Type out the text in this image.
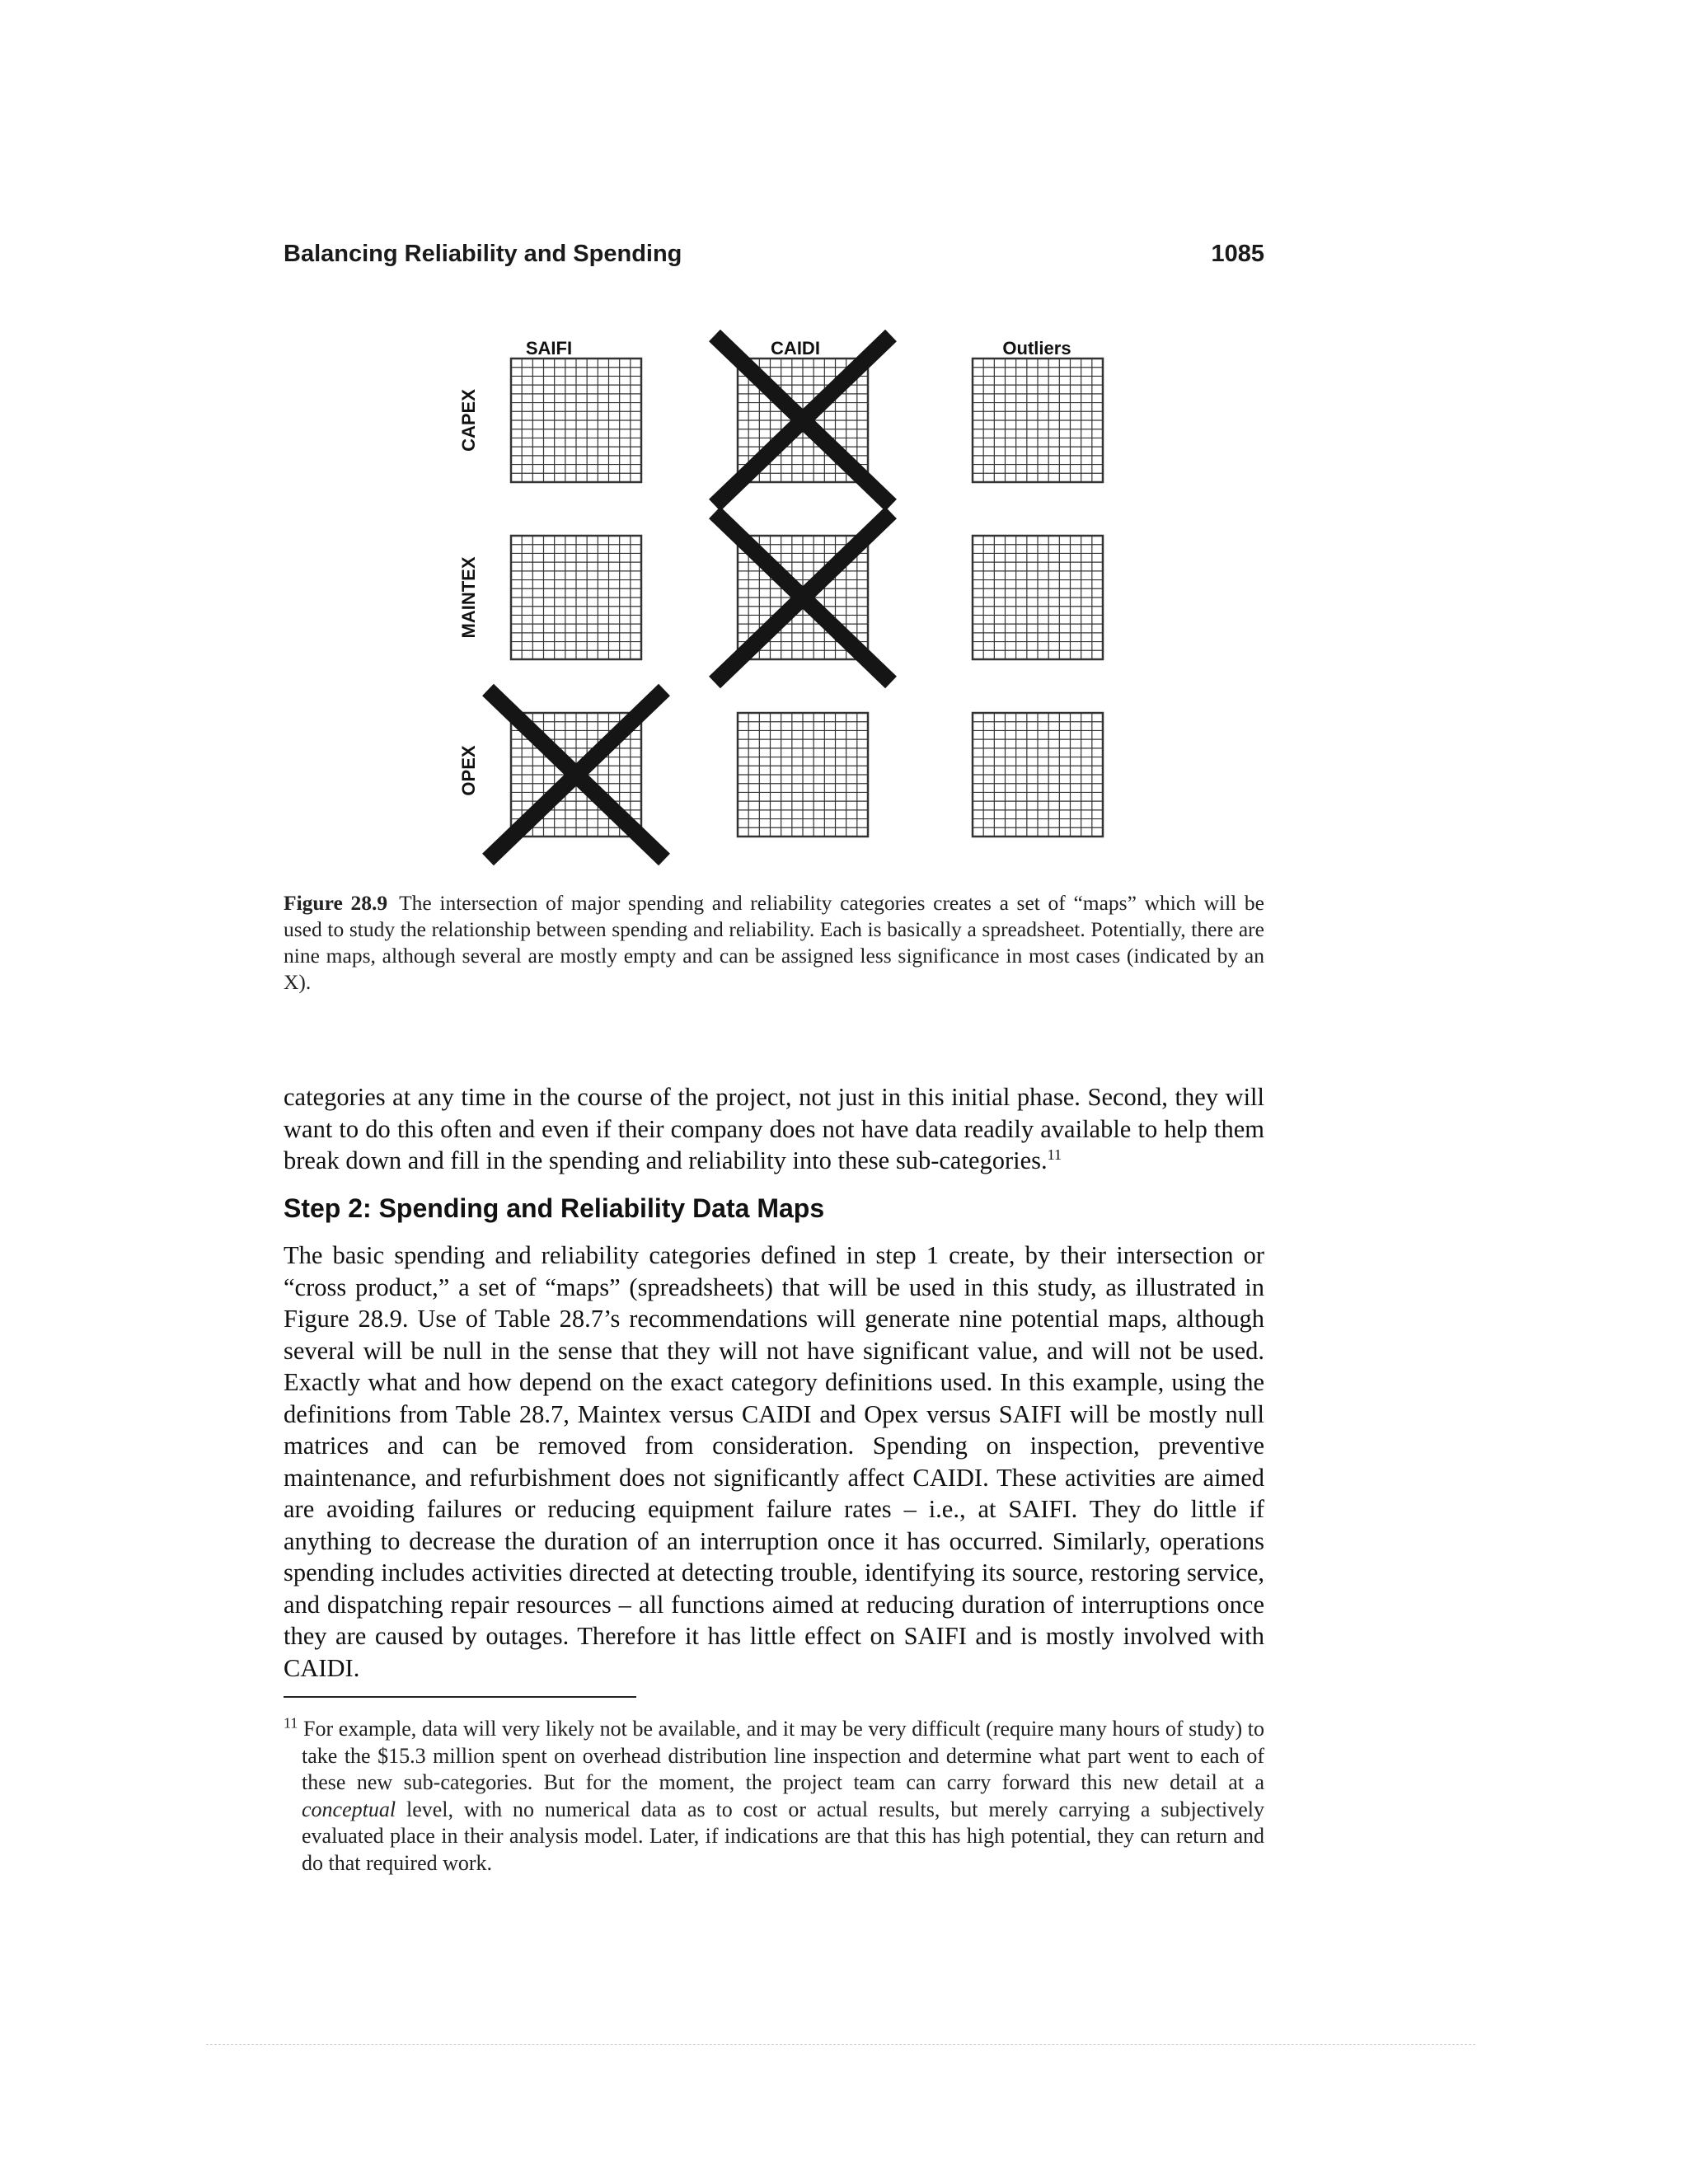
Balancing Reliability and Spending	1085
SAIFI	CAIDI	Outliers
CAPEX
MAINTEX
OPEX
Figure 28.9 The intersection of major spending and reliability categories creates a set of “maps” which will be used to study the relationship between spending and reliability. Each is basically a spreadsheet. Potentially, there are nine maps, although several are mostly empty and can be assigned less significance in most cases (indicated by an X).

categories at any time in the course of the project, not just in this initial phase. Second, they will want to do this often and even if their company does not have data readily available to help them break down and fill in the spending and reliability into these sub-categories.$^{11}$

Step 2: Spending and Reliability Data Maps

The basic spending and reliability categories defined in step 1 create, by their intersection or “cross product,” a set of “maps” (spreadsheets) that will be used in this study, as illustrated in Figure 28.9. Use of Table 28.7’s recommendations will generate nine potential maps, although several will be null in the sense that they will not have significant value, and will not be used. Exactly what and how depend on the exact category definitions used. In this example, using the definitions from Table 28.7, Maintex versus CAIDI and Opex versus SAIFI will be mostly null matrices and can be removed from consideration. Spending on inspection, preventive maintenance, and refurbishment does not significantly affect CAIDI. These activities are aimed are avoiding failures or reducing equipment failure rates – i.e., at SAIFI. They do little if anything to decrease the duration of an interruption once it has occurred. Similarly, operations spending includes activities directed at detecting trouble, identifying its source, restoring service, and dispatching repair resources – all functions aimed at reducing duration of interruptions once they are caused by outages. Therefore it has little effect on SAIFI and is mostly involved with CAIDI.

$^{11}$ For example, data will very likely not be available, and it may be very difficult (require many hours of study) to take the $15.3 million spent on overhead distribution line inspection and determine what part went to each of these new sub-categories. But for the moment, the project team can carry forward this new detail at a conceptual level, with no numerical data as to cost or actual results, but merely carrying a subjectively evaluated place in their analysis model. Later, if indications are that this has high potential, they can return and do that required work.
